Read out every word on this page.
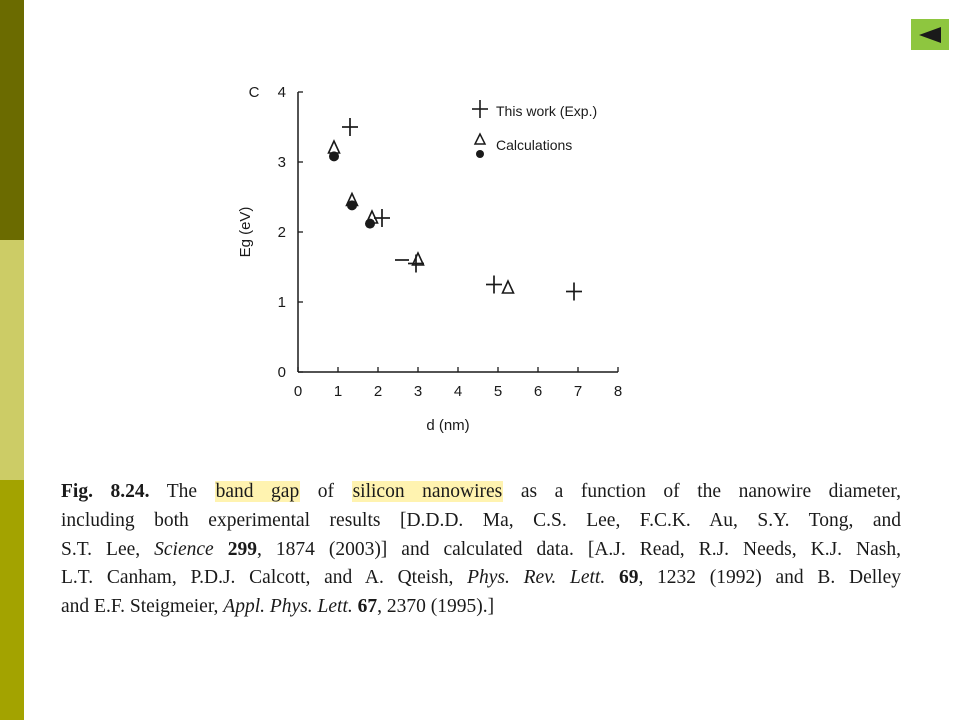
C
d (nm)
Eg (eV)
0 1 2 3 4 5 6 7 8
0
1
2
3
4
This work (Exp.)
Calculations
Fig. 8.24. The band gap of silicon nanowires as a function of the nanowire diameter,
including both experimental results [D.D.D. Ma, C.S. Lee, F.C.K. Au, S.Y. Tong, and
S.T. Lee, Science 299, 1874 (2003)] and calculated data. [A.J. Read, R.J. Needs, K.J. Nash,
L.T. Canham, P.D.J. Calcott, and A. Qteish, Phys. Rev. Lett. 69, 1232 (1992) and B. Delley
and E.F. Steigmeier, Appl. Phys. Lett. 67, 2370 (1995).]
